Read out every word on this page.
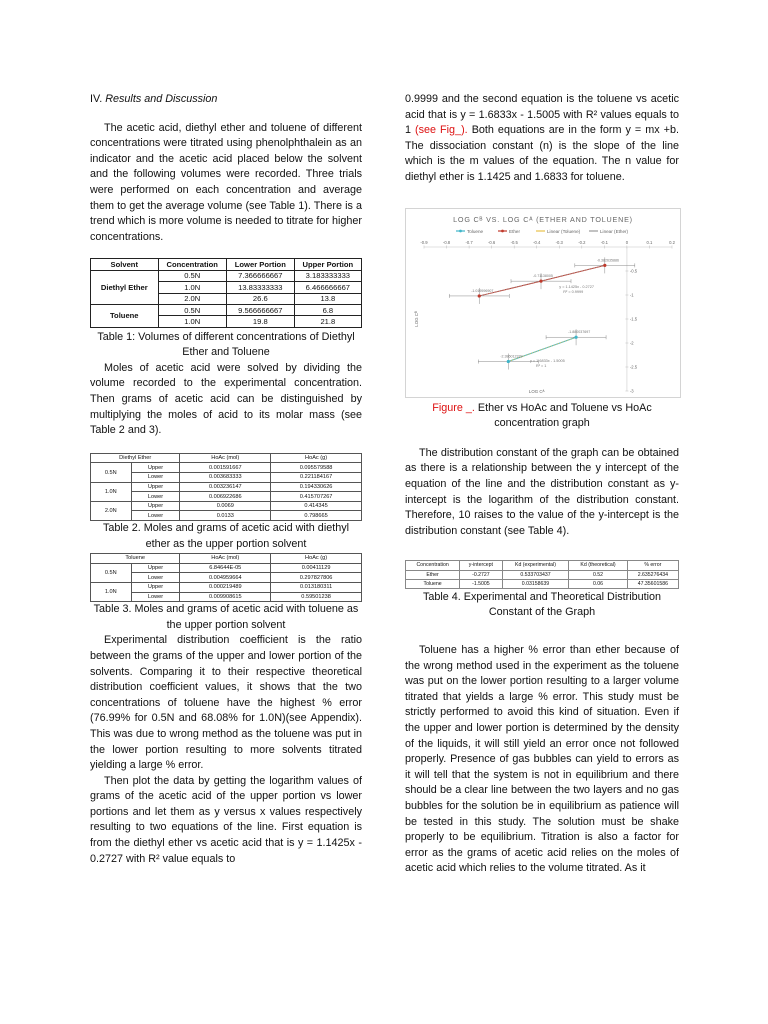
IV. Results and Discussion

The acetic acid, diethyl ether and toluene of different concentrations were titrated using phenolphthalein as an indicator and the acetic acid placed below the solvent and the following volumes were recorded. Three trials were performed on each concentration and average them to get the average volume (see Table 1). There is a trend which is more volume is needed to titrate for higher concentrations.

Solvent	Concentration	Lower Portion	Upper Portion
Diethyl Ether	0.5N	7.366666667	3.183333333
	1.0N	13.83333333	6.466666667
	2.0N	26.6	13.8
Toluene	0.5N	9.566666667	6.8
	1.0N	19.8	21.8
Table 1: Volumes of different concentrations of Diethyl Ether and Toluene

Moles of acetic acid were solved by dividing the volume recorded to the experimental concentration. Then grams of acetic acid can be distinguished by multiplying the moles of acid to its molar mass (see Table 2 and 3).

Diethyl Ether		HoAc (mol)	HoAc (g)
0.5N	Upper	0.001591667	0.095579588
	Lower	0.003683333	0.221184167
1.0N	Upper	0.003236147	0.194330626
	Lower	0.006922686	0.415707267
2.0N	Upper	0.0069	0.414345
	Lower	0.0133	0.798665
Table 2. Moles and grams of acetic acid with diethyl ether as the upper portion solvent
Toluene		HoAc (mol)	HoAc (g)
0.5N	Upper	6.84644E-05	0.00411129
	Lower	0.004959664	0.297827806
1.0N	Upper	0.000219489	0.013180311
	Lower	0.009908615	0.59501238
Table 3. Moles and grams of acetic acid with toluene as the upper portion solvent

Experimental distribution coefficient is the ratio between the grams of the upper and lower portion of the solvents. Comparing it to their respective theoretical distribution coefficient values, it shows that the two concentrations of toluene have the highest % error (76.99% for 0.5N and 68.08% for 1.0N)(see Appendix). This was due to wrong method as the toluene was put in the lower portion resulting to more solvents titrated yielding a large % error.

Then plot the data by getting the logarithm values of grams of the acetic acid of the upper portion vs lower portions and let them as y versus x values respectively resulting to two equations of the line. First equation is from the diethyl ether vs acetic acid that is y = 1.1425x - 0.2727 with R² value equals to

0.9999 and the second equation is the toluene vs acetic acid that is y = 1.6833x - 1.5005 with R² values equals to 1 (see Fig_). Both equations are in the form y = mx +b. The dissociation constant (n) is the slope of the line which is the m values of the equation. The n value for diethyl ether is 1.1425 and 1.6833 for toluene.

LOG Cᴮ VS. LOG Cᴬ (ETHER AND TOLUENE)
Toluene	Ether	Linear (Toluene)	Linear (Ether)
-0.9	-0.8	-0.7	-0.6	-0.5	-0.4	-0.3	-0.2	-0.1	0	0.1	0.2
-0.5
-1
-1.5
-2
-2.5
-3
LOG Cᴬ
LOG Cᴮ
-1.019596907
-0.71138005
-0.382635886
-2.386012329
-1.880037697
y = 1.1425x - 0.2727
R² = 0.9999
y = 1.6833x - 1.5005
R² = 1
Figure _. Ether vs HoAc and Toluene vs HoAc concentration graph

The distribution constant of the graph can be obtained as there is a relationship between the y intercept of the equation of the line and the distribution constant as y-intercept is the logarithm of the distribution constant. Therefore, 10 raises to the value of the y-intercept is the distribution constant (see Table 4).

Concentration	y-intercept	Kd (experimental)	Kd (theoretical)	% error
Ether	-0.2727	0.533703437	0.52	2.635276434
Toluene	-1.5005	0.03158639	0.06	47.35601586
Table 4. Experimental and Theoretical Distribution Constant of the Graph

Toluene has a higher % error than ether because of the wrong method used in the experiment as the toluene was put on the lower portion resulting to a larger volume titrated that yields a large % error. This study must be strictly performed to avoid this kind of situation. Even if the upper and lower portion is determined by the density of the liquids, it will still yield an error once not followed properly. Presence of gas bubbles can yield to errors as it will tell that the system is not in equilibrium and there should be a clear line between the two layers and no gas bubbles for the solution be in equilibrium as patience will be tested in this study. The solution must be shake properly to be equilibrium. Titration is also a factor for error as the grams of acetic acid relies on the moles of acetic acid which relies to the volume titrated. As it
